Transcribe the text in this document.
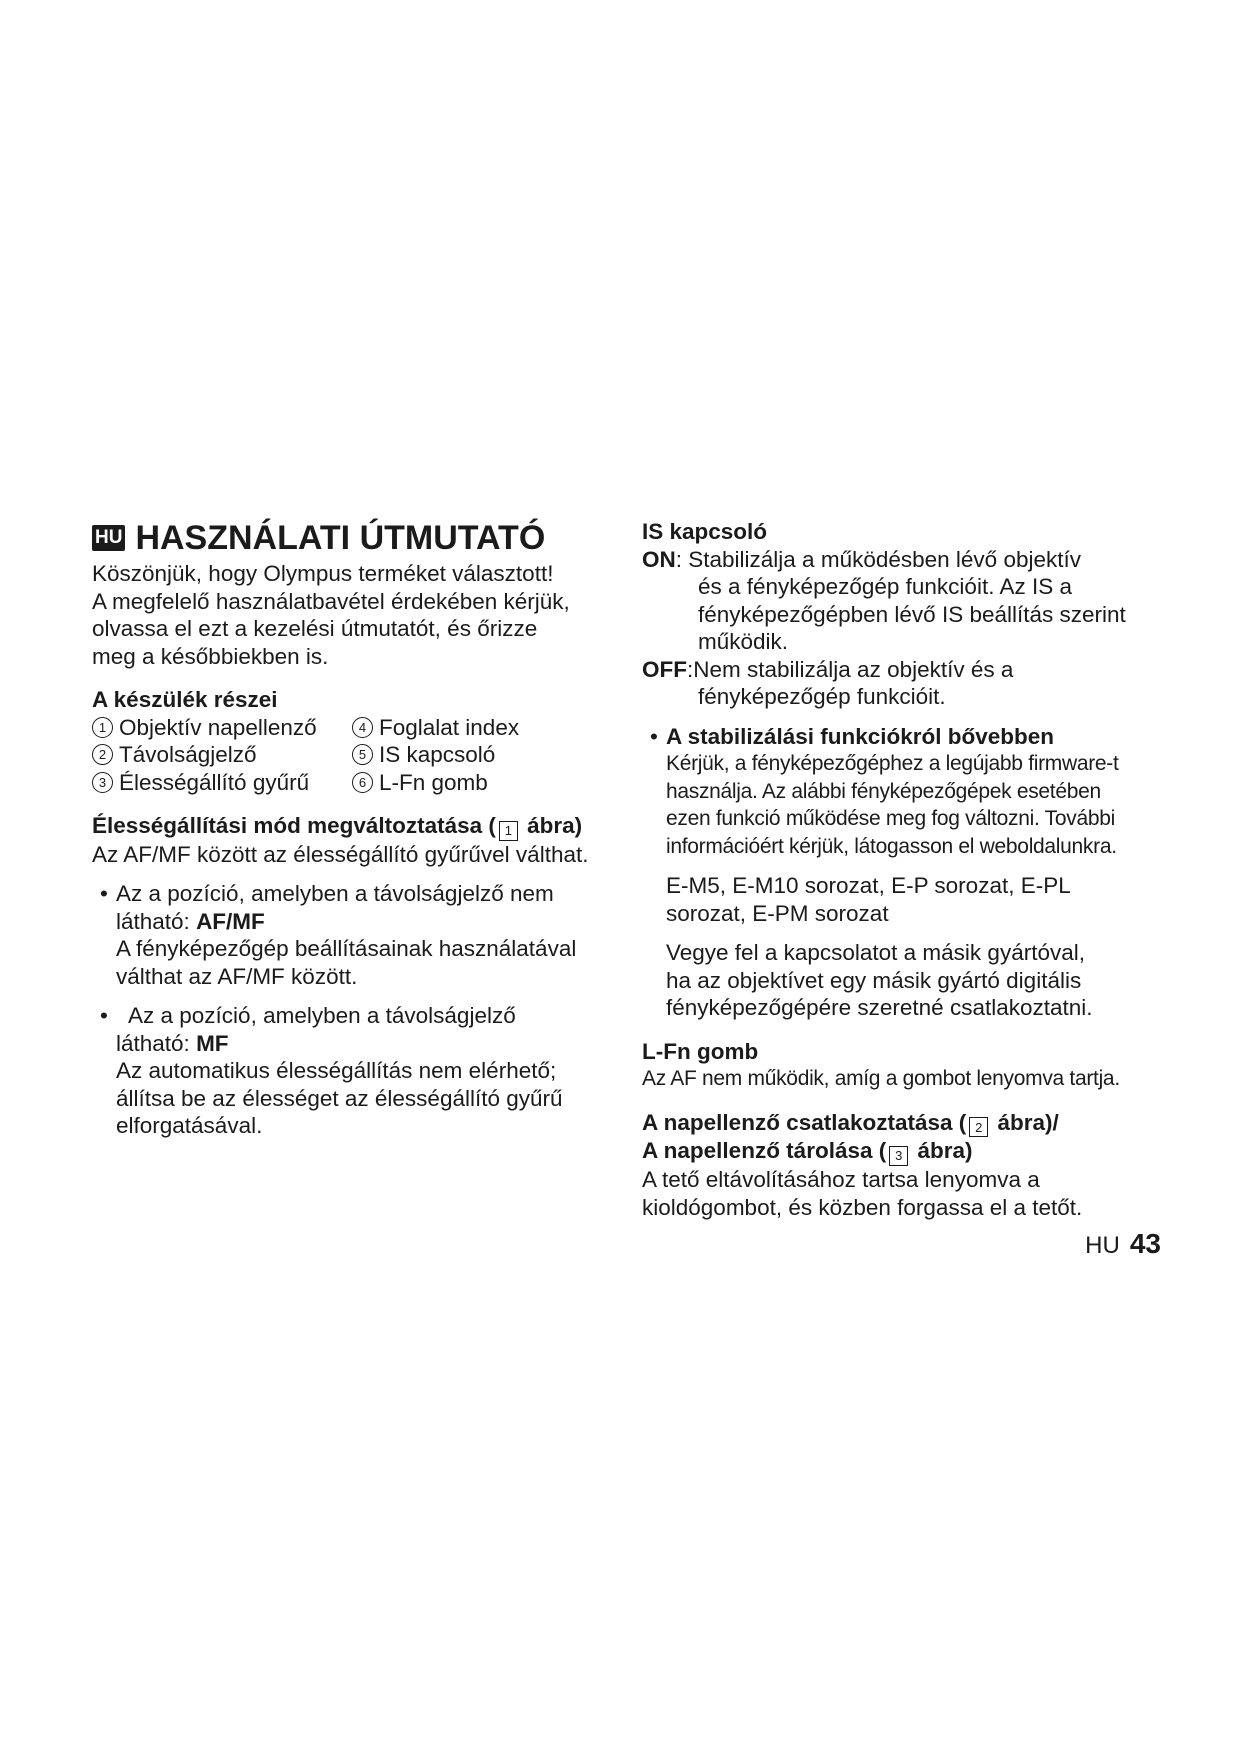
HU HASZNÁLATI ÚTMUTATÓ
Köszönjük, hogy Olympus terméket választott!
A megfelelő használatbavétel érdekében kérjük,
olvassa el ezt a kezelési útmutatót, és őrizze
meg a későbbiekben is.
A készülék részei
1 Objektív napellenző	4 Foglalat index
2 Távolságjelző	5 IS kapcsoló
3 Élességállító gyűrű	6 L-Fn gomb
Élességállítási mód megváltoztatása ( 1 ábra)
Az AF/MF között az élességállító gyűrűvel válthat.
• Az a pozíció, amelyben a távolságjelző nem
látható: AF/MF
A fényképezőgép beállításainak használatával
válthat az AF/MF között.
• Az a pozíció, amelyben a távolságjelző
látható: MF
Az automatikus élességállítás nem elérhető;
állítsa be az élességet az élességállító gyűrű
elforgatásával.
IS kapcsoló
ON: Stabilizálja a működésben lévő objektív
és a fényképezőgép funkcióit. Az IS a
fényképezőgépben lévő IS beállítás szerint
működik.
OFF:Nem stabilizálja az objektív és a
fényképezőgép funkcióit.
• A stabilizálási funkciókról bővebben
Kérjük, a fényképezőgéphez a legújabb firmware-t
használja. Az alábbi fényképezőgépek esetében
ezen funkció működése meg fog változni. További
információért kérjük, látogasson el weboldalunkra.
E-M5, E-M10 sorozat, E-P sorozat, E-PL
sorozat, E-PM sorozat
Vegye fel a kapcsolatot a másik gyártóval,
ha az objektívet egy másik gyártó digitális
fényképezőgépére szeretné csatlakoztatni.
L-Fn gomb
Az AF nem működik, amíg a gombot lenyomva tartja.
A napellenző csatlakoztatása ( 2 ábra)/
A napellenző tárolása ( 3 ábra)
A tető eltávolításához tartsa lenyomva a
kioldógombot, és közben forgassa el a tetőt.
HU 43
